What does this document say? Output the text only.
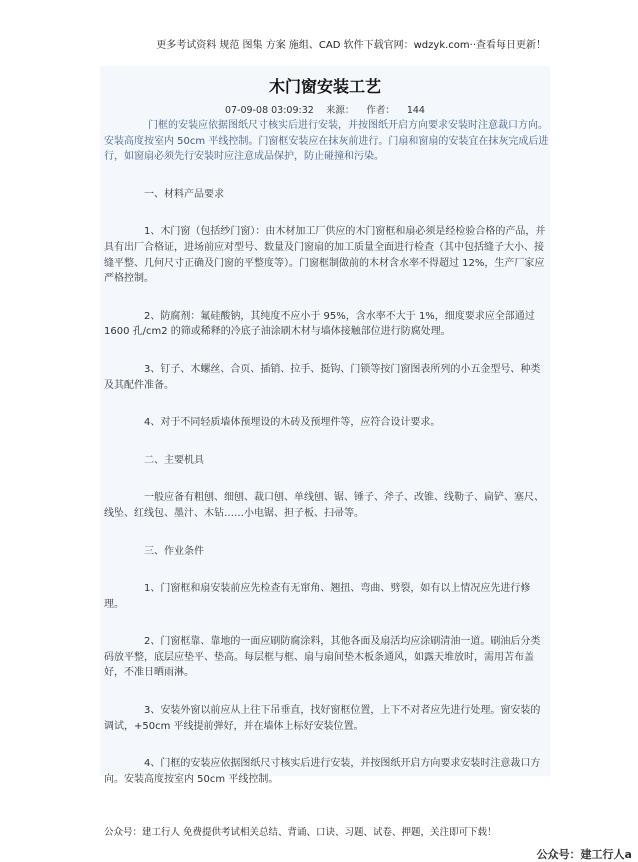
更多考试资料 规范 图集 方案 施组、CAD 软件下载官网：wdzyk.com··查看每日更新！
木门窗安装工艺
07-09-08 03:09:32 来源： 作者： 144

门框的安装应依据图纸尺寸核实后进行安装，并按图纸开启方向要求安装时注意裁口方向。安装高度按室内 50cm 平线控制。门窗框安装应在抹灰前进行。门扇和窗扇的安装宜在抹灰完成后进行，如窗扇必须先行安装时应注意成品保护，防止碰撞和污染。

一、材料产品要求

1、木门窗（包括纱门窗）：由木材加工厂供应的木门窗框和扇必须是经检验合格的产品，并具有出厂合格证，进场前应对型号、数量及门窗扇的加工质量全面进行检查（其中包括缝子大小、接缝平整、几何尺寸正确及门窗的平整度等）。门窗框制做前的木材含水率不得超过 12%，生产厂家应严格控制。

2、防腐剂：氟硅酸钠，其纯度不应小于 95%，含水率不大于 1%，细度要求应全部通过 1600 孔/cm2 的筛或稀释的冷底子油涂刷木材与墙体接触部位进行防腐处理。

3、钉子、木螺丝、合页、插销、拉手、挺钩、门锁等按门窗图表所列的小五金型号、种类及其配件准备。

4、对于不同轻质墙体预埋设的木砖及预埋件等，应符合设计要求。

二、主要机具

一般应备有粗刨、细刨、裁口刨、单线刨、锯、锤子、斧子、改锥、线勒子、扁铲、塞尺、线坠、红线包、墨汁、木钻……小电锯、担子板、扫帚等。

三、作业条件

1、门窗框和扇安装前应先检查有无窜角、翘扭、弯曲、劈裂，如有以上情况应先进行修理。

2、门窗框靠、靠地的一面应刷防腐涂料，其他各面及扇活均应涂刷清油一道。刷油后分类码放平整，底层应垫平、垫高。每层框与框、扇与扇间垫木板条通风，如露天堆放时，需用苫布盖好，不准日晒雨淋。

3、安装外窗以前应从上往下吊垂直，找好窗框位置，上下不对者应先进行处理。窗安装的调试，+50cm 平线提前弹好，并在墙体上标好安装位置。

4、门框的安装应依据图纸尺寸核实后进行安装，并按图纸开启方向要求安装时注意裁口方向。安装高度按室内 50cm 平线控制。

公众号：建工行人 免费提供考试相关总结、背诵、口诀、习题、试卷、押题，关注即可下载！
公众号：建工行人a
